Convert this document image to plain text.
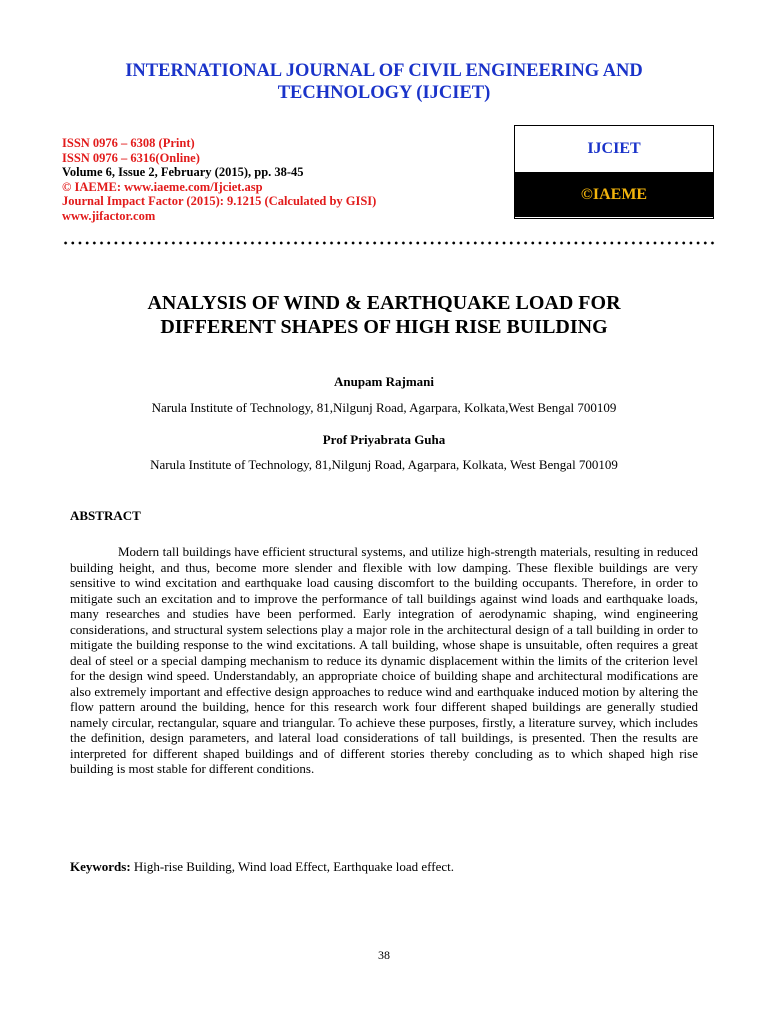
INTERNATIONAL JOURNAL OF CIVIL ENGINEERING AND
TECHNOLOGY (IJCIET)
ISSN 0976 – 6308 (Print)
ISSN 0976 – 6316(Online)
Volume 6, Issue 2, February (2015), pp. 38-45
© IAEME: www.iaeme.com/Ijciet.asp
Journal Impact Factor (2015): 9.1215 (Calculated by GISI)
www.jifactor.com
IJCIET
©IAEME
ANALYSIS OF WIND & EARTHQUAKE LOAD FOR
DIFFERENT SHAPES OF HIGH RISE BUILDING
Anupam Rajmani
Narula Institute of Technology, 81,Nilgunj Road, Agarpara, Kolkata,West Bengal 700109
Prof Priyabrata Guha
Narula Institute of Technology, 81,Nilgunj Road, Agarpara, Kolkata, West Bengal 700109
ABSTRACT

Modern tall buildings have efficient structural systems, and utilize high-strength materials, resulting in reduced building height, and thus, become more slender and flexible with low damping. These flexible buildings are very sensitive to wind excitation and earthquake load causing discomfort to the building occupants. Therefore, in order to mitigate such an excitation and to improve the performance of tall buildings against wind loads and earthquake loads, many researches and studies have been performed. Early integration of aerodynamic shaping, wind engineering considerations, and structural system selections play a major role in the architectural design of a tall building in order to mitigate the building response to the wind excitations. A tall building, whose shape is unsuitable, often requires a great deal of steel or a special damping mechanism to reduce its dynamic displacement within the limits of the criterion level for the design wind speed. Understandably, an appropriate choice of building shape and architectural modifications are also extremely important and effective design approaches to reduce wind and earthquake induced motion by altering the flow pattern around the building, hence for this research work four different shaped buildings are generally studied namely circular, rectangular, square and triangular. To achieve these purposes, firstly, a literature survey, which includes the definition, design parameters, and lateral load considerations of tall buildings, is presented. Then the results are interpreted for different shaped buildings and of different stories thereby concluding as to which shaped high rise building is most stable for different conditions.

Keywords: High-rise Building, Wind load Effect, Earthquake load effect.
38
